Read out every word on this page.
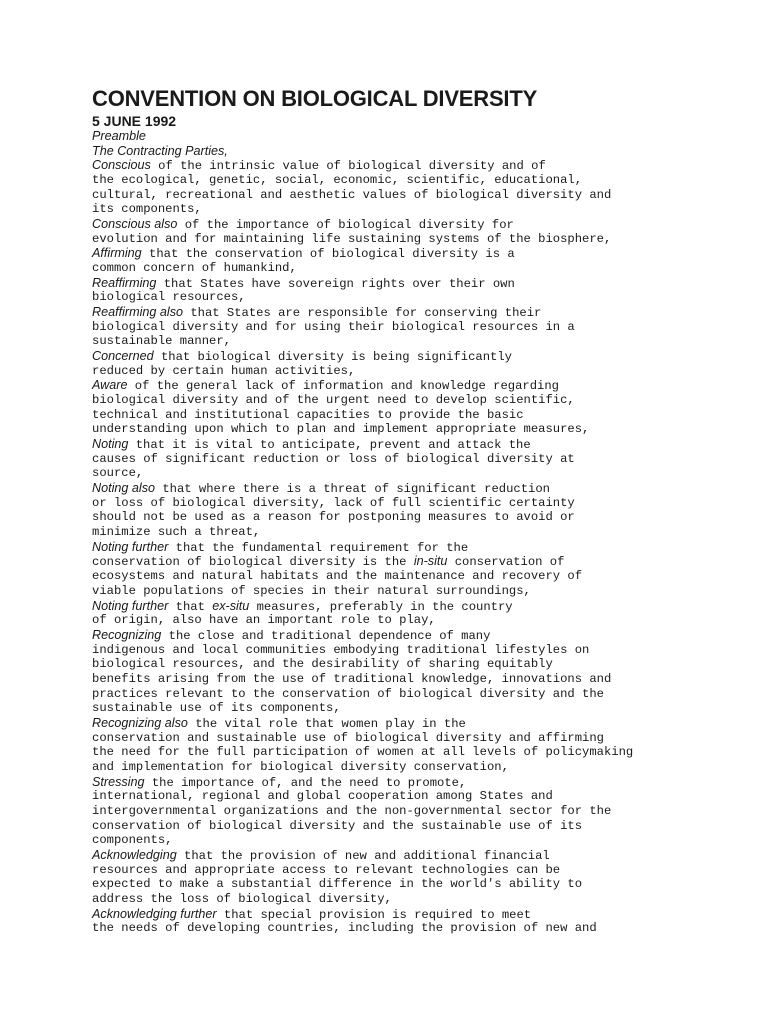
CONVENTION ON BIOLOGICAL DIVERSITY
5 JUNE 1992
Preamble
The Contracting Parties,
Conscious of the intrinsic value of biological diversity and of
the ecological, genetic, social, economic, scientific, educational,
cultural, recreational and aesthetic values of biological diversity and
its components,
Conscious also of the importance of biological diversity for
evolution and for maintaining life sustaining systems of the biosphere,
Affirming that the conservation of biological diversity is a
common concern of humankind,
Reaffirming that States have sovereign rights over their own
biological resources,
Reaffirming also that States are responsible for conserving their
biological diversity and for using their biological resources in a
sustainable manner,
Concerned that biological diversity is being significantly
reduced by certain human activities,
Aware of the general lack of information and knowledge regarding
biological diversity and of the urgent need to develop scientific,
technical and institutional capacities to provide the basic
understanding upon which to plan and implement appropriate measures,
Noting that it is vital to anticipate, prevent and attack the
causes of significant reduction or loss of biological diversity at
source,
Noting also that where there is a threat of significant reduction
or loss of biological diversity, lack of full scientific certainty
should not be used as a reason for postponing measures to avoid or
minimize such a threat,
Noting further that the fundamental requirement for the
conservation of biological diversity is the in-situ conservation of
ecosystems and natural habitats and the maintenance and recovery of
viable populations of species in their natural surroundings,
Noting further that ex-situ measures, preferably in the country
of origin, also have an important role to play,
Recognizing the close and traditional dependence of many
indigenous and local communities embodying traditional lifestyles on
biological resources, and the desirability of sharing equitably
benefits arising from the use of traditional knowledge, innovations and
practices relevant to the conservation of biological diversity and the
sustainable use of its components,
Recognizing also the vital role that women play in the
conservation and sustainable use of biological diversity and affirming
the need for the full participation of women at all levels of policymaking
and implementation for biological diversity conservation,
Stressing the importance of, and the need to promote,
international, regional and global cooperation among States and
intergovernmental organizations and the non-governmental sector for the
conservation of biological diversity and the sustainable use of its
components,
Acknowledging that the provision of new and additional financial
resources and appropriate access to relevant technologies can be
expected to make a substantial difference in the world's ability to
address the loss of biological diversity,
Acknowledging further that special provision is required to meet
the needs of developing countries, including the provision of new and
